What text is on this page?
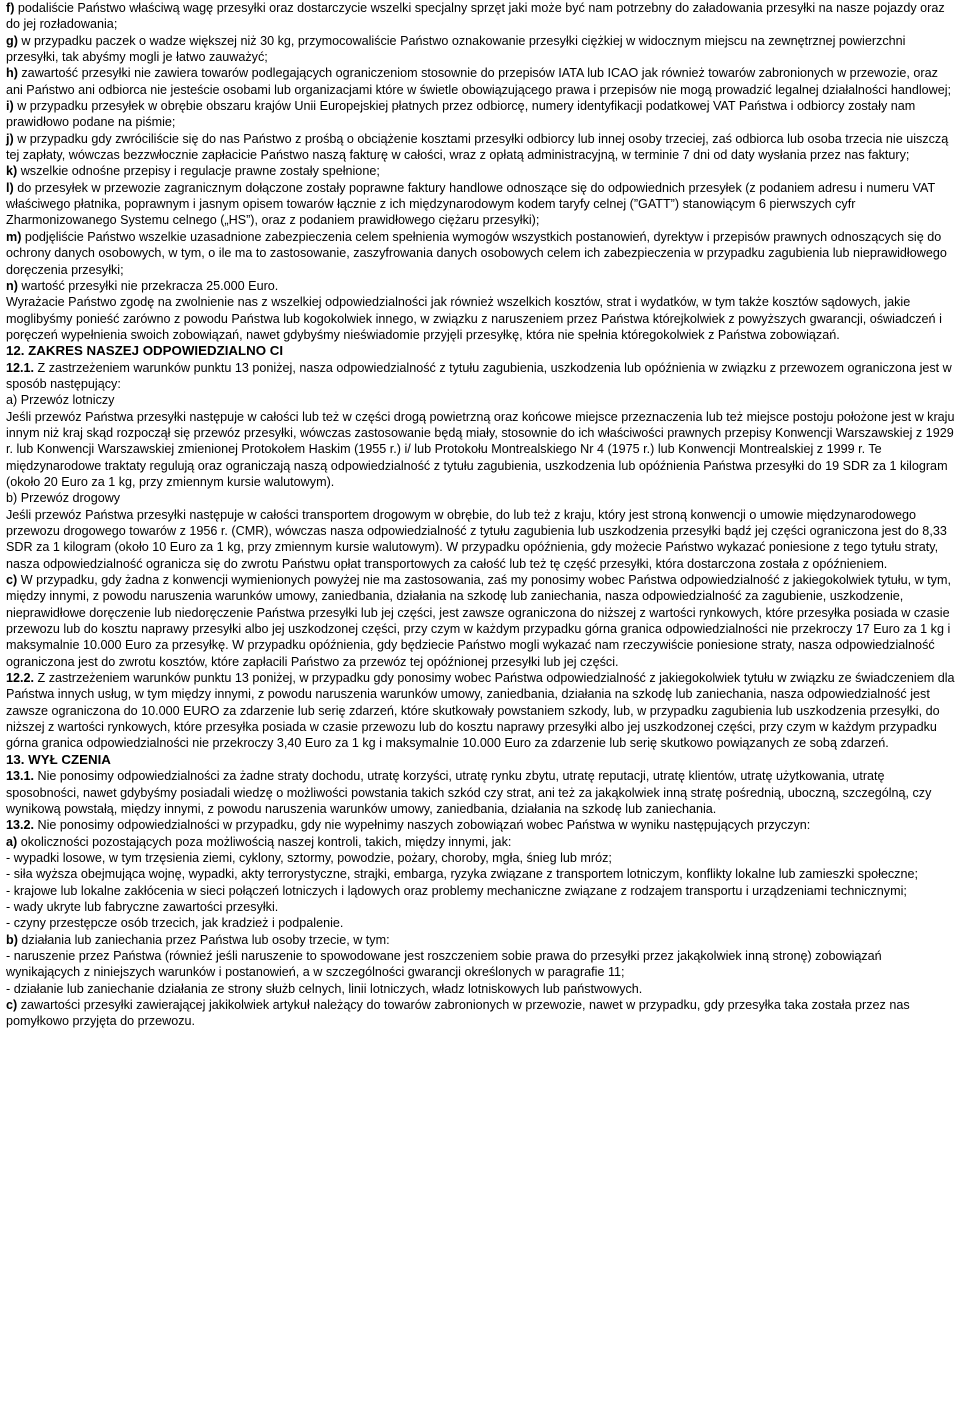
f) podaliście Państwo właściwą wagę przesyłki oraz dostarczycie wszelki specjalny sprzęt jaki może być nam potrzebny do załadowania przesyłki na nasze pojazdy oraz do jej rozładowania;

g) w przypadku paczek o wadze większej niż 30 kg, przymocowaliście Państwo oznakowanie przesyłki ciężkiej w widocznym miejscu na zewnętrznej powierzchni przesyłki, tak abyśmy mogli je łatwo zauważyć;

h) zawartość przesyłki nie zawiera towarów podlegających ograniczeniom stosownie do przepisów IATA lub ICAO jak również towarów zabronionych w przewozie, oraz ani Państwo ani odbiorca nie jesteście osobami lub organizacjami które w świetle obowiązującego prawa i przepisów nie mogą prowadzić legalnej działalności handlowej;

i) w przypadku przesyłek w obrębie obszaru krajów Unii Europejskiej płatnych przez odbiorcę, numery identyfikacji podatkowej VAT Państwa i odbiorcy zostały nam prawidłowo podane na piśmie;

j) w przypadku gdy zwróciliście się do nas Państwo z prośbą o obciążenie kosztami przesyłki odbiorcy lub innej osoby trzeciej, zaś odbiorca lub osoba trzecia nie uiszczą tej zapłaty, wówczas bezzwłocznie zapłacicie Państwo naszą fakturę w całości, wraz z opłatą administracyjną, w terminie 7 dni od daty wysłania przez nas faktury;

k) wszelkie odnośne przepisy i regulacje prawne zostały spełnione;

l) do przesyłek w przewozie zagranicznym dołączone zostały poprawne faktury handlowe odnoszące się do odpowiednich przesyłek (z podaniem adresu i numeru VAT właściwego płatnika, poprawnym i jasnym opisem towarów łącznie z ich międzynarodowym kodem taryfy celnej (”GATT”) stanowiącym 6 pierwszych cyfr Zharmonizowanego Systemu celnego („HS”), oraz z podaniem prawidłowego ciężaru przesyłki);

m) podjęliście Państwo wszelkie uzasadnione zabezpieczenia celem spełnienia wymogów wszystkich postanowień, dyrektyw i przepisów prawnych odnoszących się do ochrony danych osobowych, w tym, o ile ma to zastosowanie, zaszyfrowania danych osobowych celem ich zabezpieczenia w przypadku zagubienia lub nieprawidłowego doręczenia przesyłki;

n) wartość przesyłki nie przekracza 25.000 Euro.

Wyrażacie Państwo zgodę na zwolnienie nas z wszelkiej odpowiedzialności jak również wszelkich kosztów, strat i wydatków, w tym także kosztów sądowych, jakie moglibyśmy ponieść zarówno z powodu Państwa lub kogokolwiek innego, w związku z naruszeniem przez Państwa którejkolwiek z powyższych gwarancji, oświadczeń i poręczeń wypełnienia swoich zobowiązań, nawet gdybyśmy nieświadomie przyjęli przesyłkę, która nie spełnia któregokolwiek z Państwa zobowiązań.

12. ZAKRES NASZEJ ODPOWIEDZIALNO CI

12.1. Z zastrzeżeniem warunków punktu 13 poniżej, nasza odpowiedzialność z tytułu zagubienia, uszkodzenia lub opóźnienia w związku z przewozem ograniczona jest w sposób następujący:

a) Przewóz lotniczy

Jeśli przewóz Państwa przesyłki następuje w całości lub też w części drogą powietrzną oraz końcowe miejsce przeznaczenia lub też miejsce postoju położone jest w kraju innym niż kraj skąd rozpoczął się przewóz przesyłki, wówczas zastosowanie będą miały, stosownie do ich właściwości prawnych przepisy Konwencji Warszawskiej z 1929 r. lub Konwencji Warszawskiej zmienionej Protokołem Haskim (1955 r.) i/ lub Protokołu Montrealskiego Nr 4 (1975 r.) lub Konwencji Montrealskiej z 1999 r. Te międzynarodowe traktaty regulują oraz ograniczają naszą odpowiedzialność z tytułu zagubienia, uszkodzenia lub opóźnienia Państwa przesyłki do 19 SDR za 1 kilogram (około 20 Euro za 1 kg, przy zmiennym kursie walutowym).

b) Przewóz drogowy

Jeśli przewóz Państwa przesyłki następuje w całości transportem drogowym w obrębie, do lub też z kraju, który jest stroną konwencji o umowie międzynarodowego przewozu drogowego towarów z 1956 r. (CMR), wówczas nasza odpowiedzialność z tytułu zagubienia lub uszkodzenia przesyłki bądź jej części ograniczona jest do 8,33 SDR za 1 kilogram (około 10 Euro za 1 kg, przy zmiennym kursie walutowym). W przypadku opóźnienia, gdy możecie Państwo wykazać poniesione z tego tytułu straty, nasza odpowiedzialność ogranicza się do zwrotu Państwu opłat transportowych za całość lub też tę część przesyłki, która dostarczona została z opóźnieniem.

c) W przypadku, gdy żadna z konwencji wymienionych powyżej nie ma zastosowania, zaś my ponosimy wobec Państwa odpowiedzialność z jakiegokolwiek tytułu, w tym, między innymi, z powodu naruszenia warunków umowy, zaniedbania, działania na szkodę lub zaniechania, nasza odpowiedzialność za zagubienie, uszkodzenie, nieprawidłowe doręczenie lub niedoręczenie Państwa przesyłki lub jej części, jest zawsze ograniczona do niższej z wartości rynkowych, które przesyłka posiada w czasie przewozu lub do kosztu naprawy przesyłki albo jej uszkodzonej części, przy czym w każdym przypadku górna granica odpowiedzialności nie przekroczy 17 Euro za 1 kg i maksymalnie 10.000 Euro za przesyłkę. W przypadku opóźnienia, gdy będziecie Państwo mogli wykazać nam rzeczywiście poniesione straty, nasza odpowiedzialność ograniczona jest do zwrotu kosztów, które zapłacili Państwo za przewóz tej opóźnionej przesyłki lub jej części.

12.2. Z zastrzeżeniem warunków punktu 13 poniżej, w przypadku gdy ponosimy wobec Państwa odpowiedzialność z jakiegokolwiek tytułu w związku ze świadczeniem dla Państwa innych usług, w tym między innymi, z powodu naruszenia warunków umowy, zaniedbania, działania na szkodę lub zaniechania, nasza odpowiedzialność jest zawsze ograniczona do 10.000 EURO za zdarzenie lub serię zdarzeń, które skutkowały powstaniem szkody, lub, w przypadku zagubienia lub uszkodzenia przesyłki, do niższej z wartości rynkowych, które przesyłka posiada w czasie przewozu lub do kosztu naprawy przesyłki albo jej uszkodzonej części, przy czym w każdym przypadku górna granica odpowiedzialności nie przekroczy 3,40 Euro za 1 kg i maksymalnie 10.000 Euro za zdarzenie lub serię skutkowo powiązanych ze sobą zdarzeń.

13. WYŁ CZENIA

13.1. Nie ponosimy odpowiedzialności za żadne straty dochodu, utratę korzyści, utratę rynku zbytu, utratę reputacji, utratę klientów, utratę użytkowania, utratę sposobności, nawet gdybyśmy posiadali wiedzę o możliwości powstania takich szkód czy strat, ani też za jakąkolwiek inną stratę pośrednią, uboczną, szczególną, czy wynikową powstałą, między innymi, z powodu naruszenia warunków umowy, zaniedbania, działania na szkodę lub zaniechania.

13.2. Nie ponosimy odpowiedzialności w przypadku, gdy nie wypełnimy naszych zobowiązań wobec Państwa w wyniku następujących przyczyn:

a) okoliczności pozostających poza możliwością naszej kontroli, takich, między innymi, jak:

- wypadki losowe, w tym trzęsienia ziemi, cyklony, sztormy, powodzie, pożary, choroby, mgła, śnieg lub mróz;

- siła wyższa obejmująca wojnę, wypadki, akty terrorystyczne, strajki, embarga, ryzyka związane z transportem lotniczym, konflikty lokalne lub zamieszki społeczne;

- krajowe lub lokalne zakłócenia w sieci połączeń lotniczych i lądowych oraz problemy mechaniczne związane z rodzajem transportu i urządzeniami technicznymi;

- wady ukryte lub fabryczne zawartości przesyłki.

- czyny przestępcze osób trzecich, jak kradzież i podpalenie.

b) działania lub zaniechania przez Państwa lub osoby trzecie, w tym:

- naruszenie przez Państwa (równieź jeśli naruszenie to spowodowane jest roszczeniem sobie prawa do przesyłki przez jakąkolwiek inną stronę) zobowiązań wynikających z niniejszych warunków i postanowień, a w szczególności gwarancji określonych w paragrafie 11;

- działanie lub zaniechanie działania ze strony służb celnych, linii lotniczych, władz lotniskowych lub państwowych.

c) zawartości przesyłki zawierającej jakikolwiek artykuł należący do towarów zabronionych w przewozie, nawet w przypadku, gdy przesyłka taka została przez nas pomyłkowo przyjęta do przewozu.
